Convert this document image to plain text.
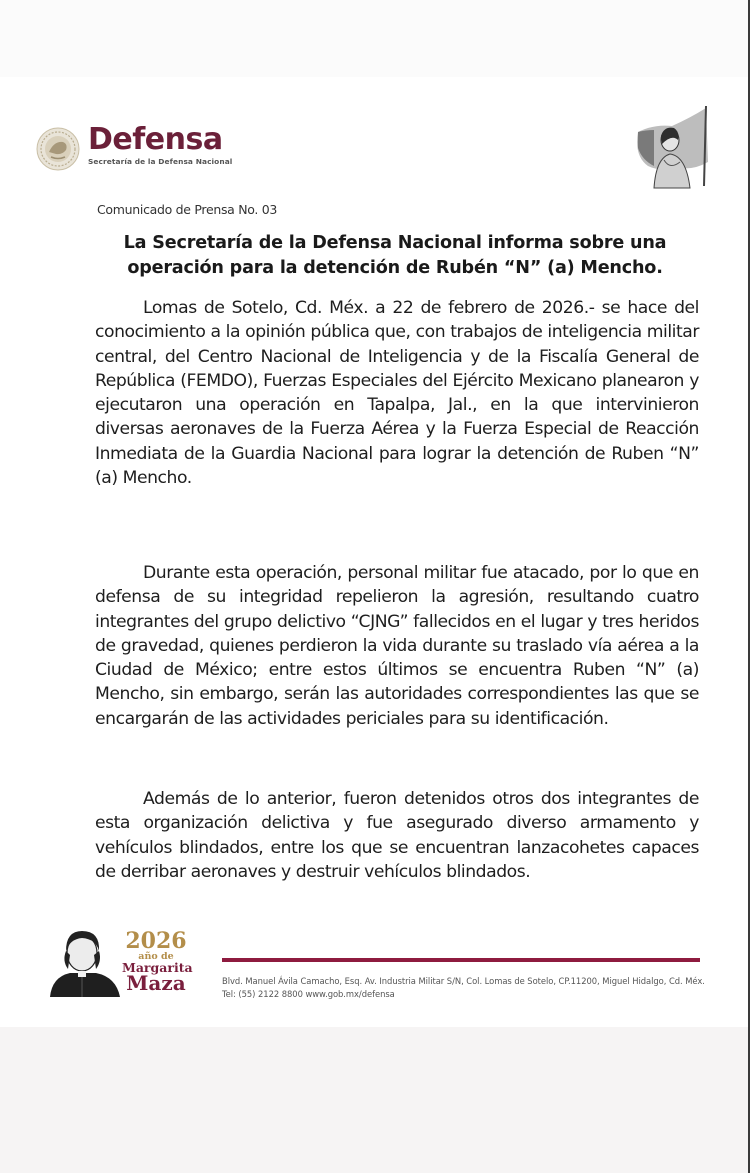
Defensa
Secretaría de la Defensa Nacional
Comunicado de Prensa No. 03
La Secretaría de la Defensa Nacional informa sobre una operación para la detención de Rubén “N” (a) Mencho.
Lomas de Sotelo, Cd. Méx. a 22 de febrero de 2026.- se hace del conocimiento a la opinión pública que, con trabajos de inteligencia militar central, del Centro Nacional de Inteligencia y de la Fiscalía General de República (FEMDO), Fuerzas Especiales del Ejército Mexicano planearon y ejecutaron una operación en Tapalpa, Jal., en la que intervinieron diversas aeronaves de la Fuerza Aérea y la Fuerza Especial de Reacción Inmediata de la Guardia Nacional para lograr la detención de Ruben “N” (a) Mencho.
Durante esta operación, personal militar fue atacado, por lo que en defensa de su integridad repelieron la agresión, resultando cuatro integrantes del grupo delictivo “CJNG” fallecidos en el lugar y tres heridos de gravedad, quienes perdieron la vida durante su traslado vía aérea a la Ciudad de México; entre estos últimos se encuentra Ruben “N” (a) Mencho, sin embargo, serán las autoridades correspondientes las que se encargarán de las actividades periciales para su identificación.
Además de lo anterior, fueron detenidos otros dos integrantes de esta organización delictiva y fue asegurado diverso armamento y vehículos blindados, entre los que se encuentran lanzacohetes capaces de derribar aeronaves y destruir vehículos blindados.
2026
año de
Margarita
Maza	Blvd. Manuel Ávila Camacho, Esq. Av. Industria Militar S/N, Col. Lomas de Sotelo, CP.11200, Miguel Hidalgo, Cd. Méx.
Tel: (55) 2122 8800 www.gob.mx/defensa
